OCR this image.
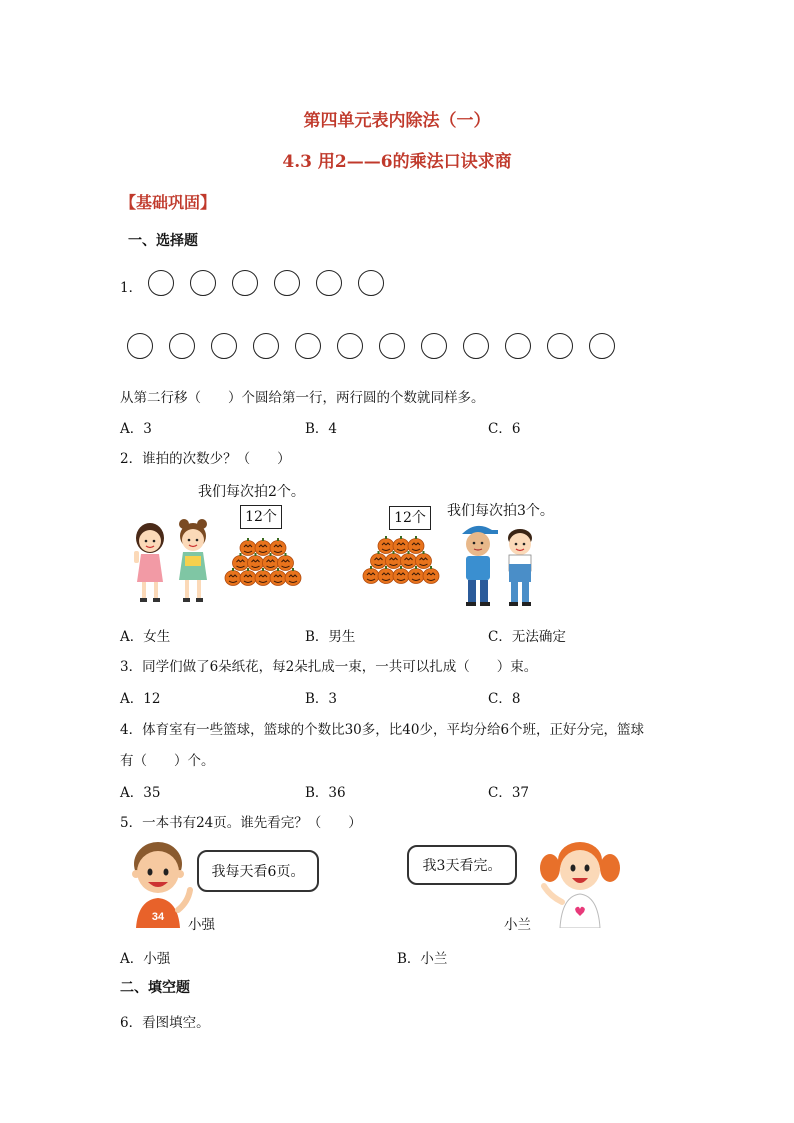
第四单元表内除法（一）
4.3 用2——6的乘法口诀求商
【基础巩固】
一、选择题
1．
从第二行移（　　）个圆给第一行，两行圆的个数就同样多。
A．3	B．4	C．6
2．谁拍的次数少？（　　）
我们每次拍2个。
我们每次拍3个。
12个	12个
A．女生	B．男生	C．无法确定
3．同学们做了6朵纸花，每2朵扎成一束，一共可以扎成（　　）束。
A．12	B．3	C．8
4．体育室有一些篮球，篮球的个数比30多，比40少，平均分给6个班，正好分完，篮球
有（　　）个。
A．35	B．36	C．37
5．一本书有24页。谁先看完？（　　）
34
我每天看6页。
小强
我3天看完。
小兰
A．小强	B．小兰
二、填空题
6．看图填空。
